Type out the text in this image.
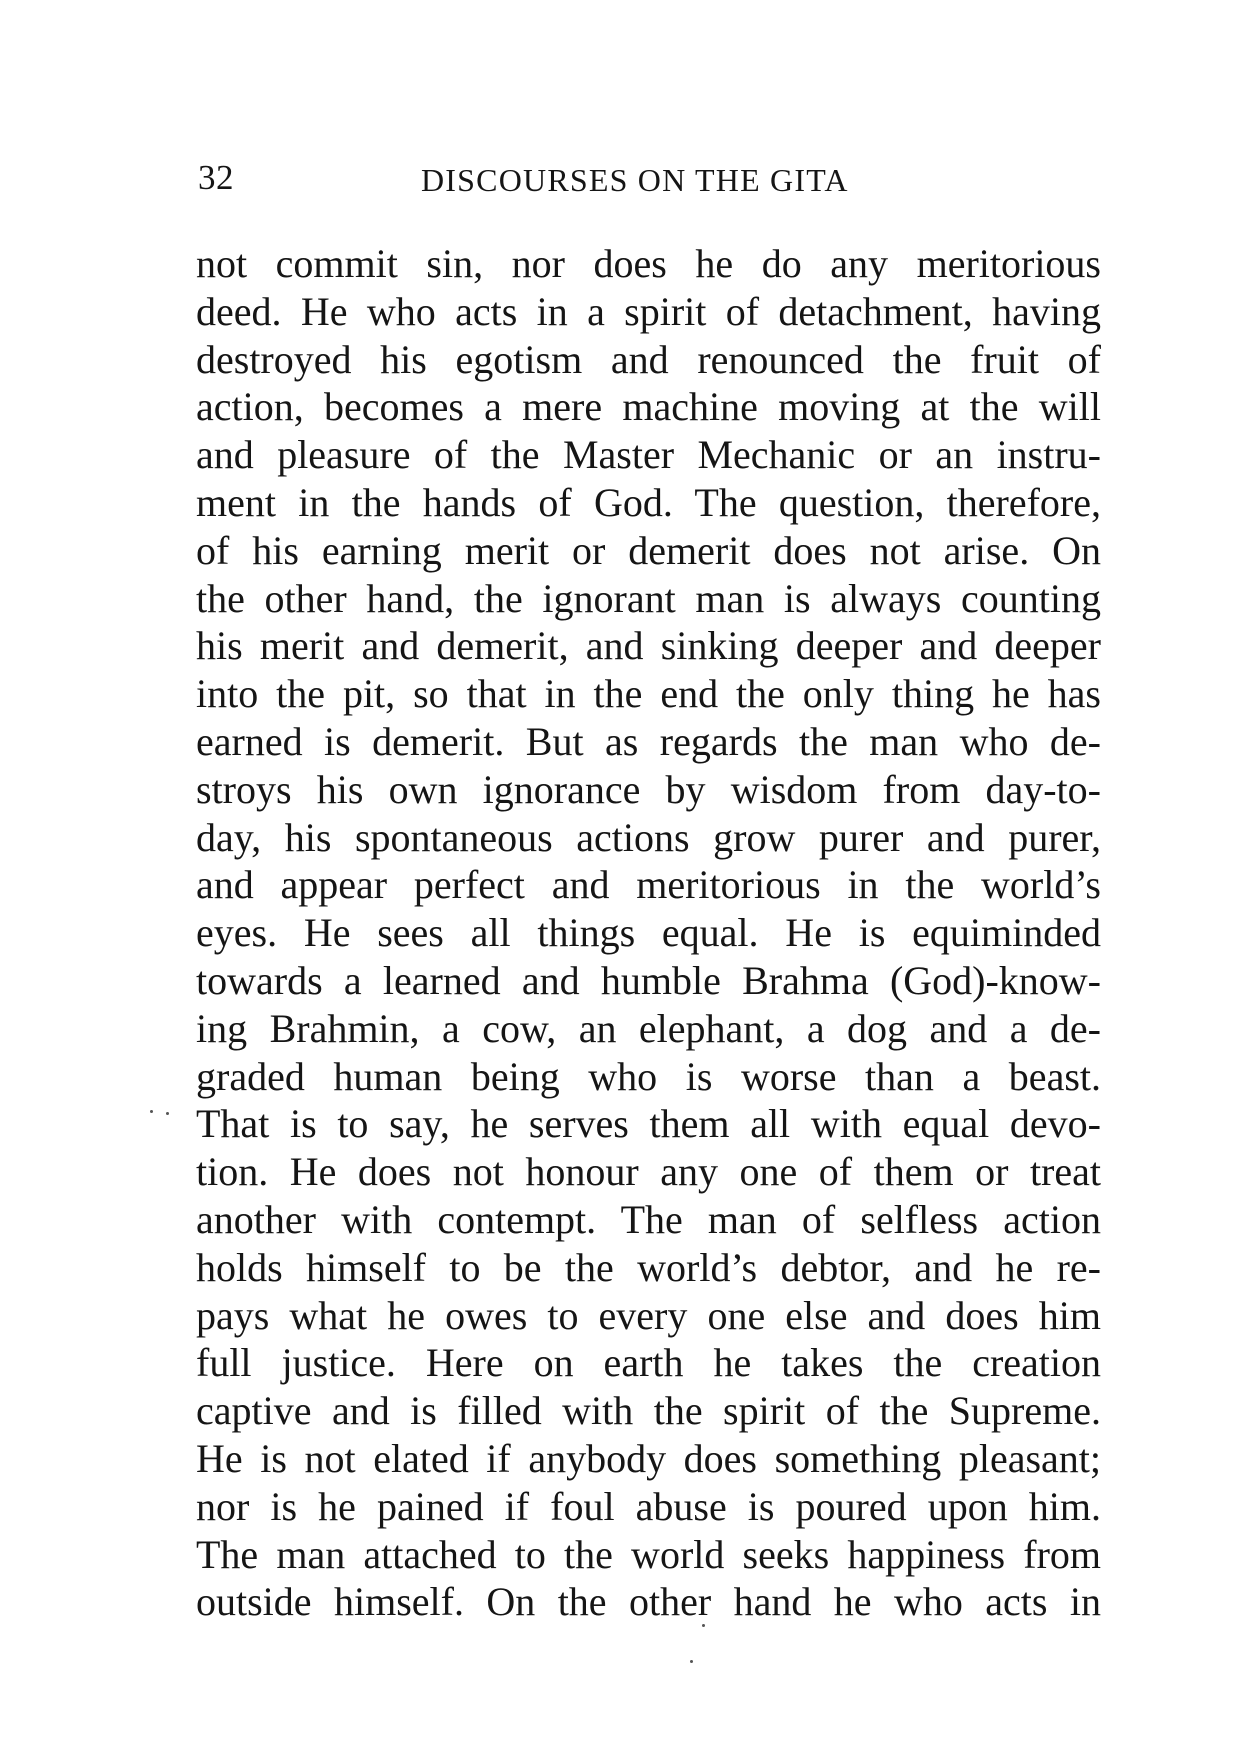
32	DISCOURSES ON THE GITA
not commit sin, nor does he do any meritorious
deed. He who acts in a spirit of detachment, having
destroyed his egotism and renounced the fruit of
action, becomes a mere machine moving at the will
and pleasure of the Master Mechanic or an instru-
ment in the hands of God. The question, therefore,
of his earning merit or demerit does not arise. On
the other hand, the ignorant man is always counting
his merit and demerit, and sinking deeper and deeper
into the pit, so that in the end the only thing he has
earned is demerit. But as regards the man who de-
stroys his own ignorance by wisdom from day-to-
day, his spontaneous actions grow purer and purer,
and appear perfect and meritorious in the world’s
eyes. He sees all things equal. He is equiminded
towards a learned and humble Brahma (God)-know-
ing Brahmin, a cow, an elephant, a dog and a de-
graded human being who is worse than a beast.
That is to say, he serves them all with equal devo-
tion. He does not honour any one of them or treat
another with contempt. The man of selfless action
holds himself to be the world’s debtor, and he re-
pays what he owes to every one else and does him
full justice. Here on earth he takes the creation
captive and is filled with the spirit of the Supreme.
He is not elated if anybody does something pleasant;
nor is he pained if foul abuse is poured upon him.
The man attached to the world seeks happiness from
outside himself. On the other hand he who acts in
